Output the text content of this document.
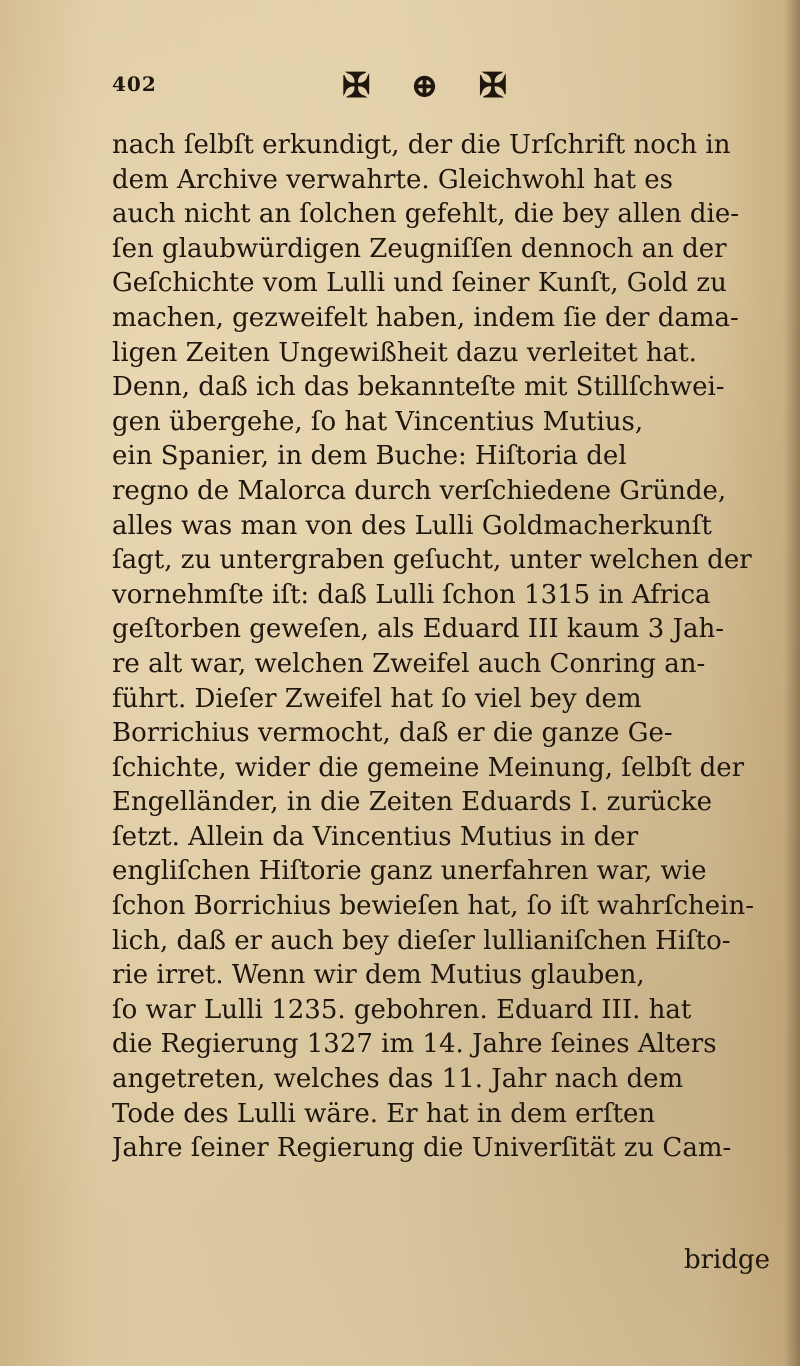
402	✠ ⊕ ✠
nach ſelbſt erkundigt, der die Urſchrift noch in
dem Archive verwahrte. Gleichwohl hat es
auch nicht an ſolchen gefehlt, die bey allen die-
ſen glaubwürdigen Zeugniſſen dennoch an der
Geſchichte vom Lulli und ſeiner Kunſt, Gold zu
machen, gezweifelt haben, indem ſie der dama-
ligen Zeiten Ungewißheit dazu verleitet hat.
Denn, daß ich das bekannteſte mit Stillſchwei-
gen übergehe, ſo hat Vincentius Mutius,
ein Spanier, in dem Buche: Hiſtoria del
regno de Malorca durch verſchiedene Gründe,
alles was man von des Lulli Goldmacherkunſt
ſagt, zu untergraben geſucht, unter welchen der
vornehmſte iſt: daß Lulli ſchon 1315 in Africa
geſtorben geweſen, als Eduard III kaum 3 Jah-
re alt war, welchen Zweifel auch Conring an-
führt. Dieſer Zweifel hat ſo viel bey dem
Borrichius vermocht, daß er die ganze Ge-
ſchichte, wider die gemeine Meinung, ſelbſt der
Engelländer, in die Zeiten Eduards I. zurücke
ſetzt. Allein da Vincentius Mutius in der
engliſchen Hiſtorie ganz unerfahren war, wie
ſchon Borrichius bewieſen hat, ſo iſt wahrſchein-
lich, daß er auch bey dieſer lullianiſchen Hiſto-
rie irret. Wenn wir dem Mutius glauben,
ſo war Lulli 1235. gebohren. Eduard III. hat
die Regierung 1327 im 14. Jahre ſeines Alters
angetreten, welches das 11. Jahr nach dem
Tode des Lulli wäre. Er hat in dem erſten
Jahre ſeiner Regierung die Univerſität zu Cam-
bridge
